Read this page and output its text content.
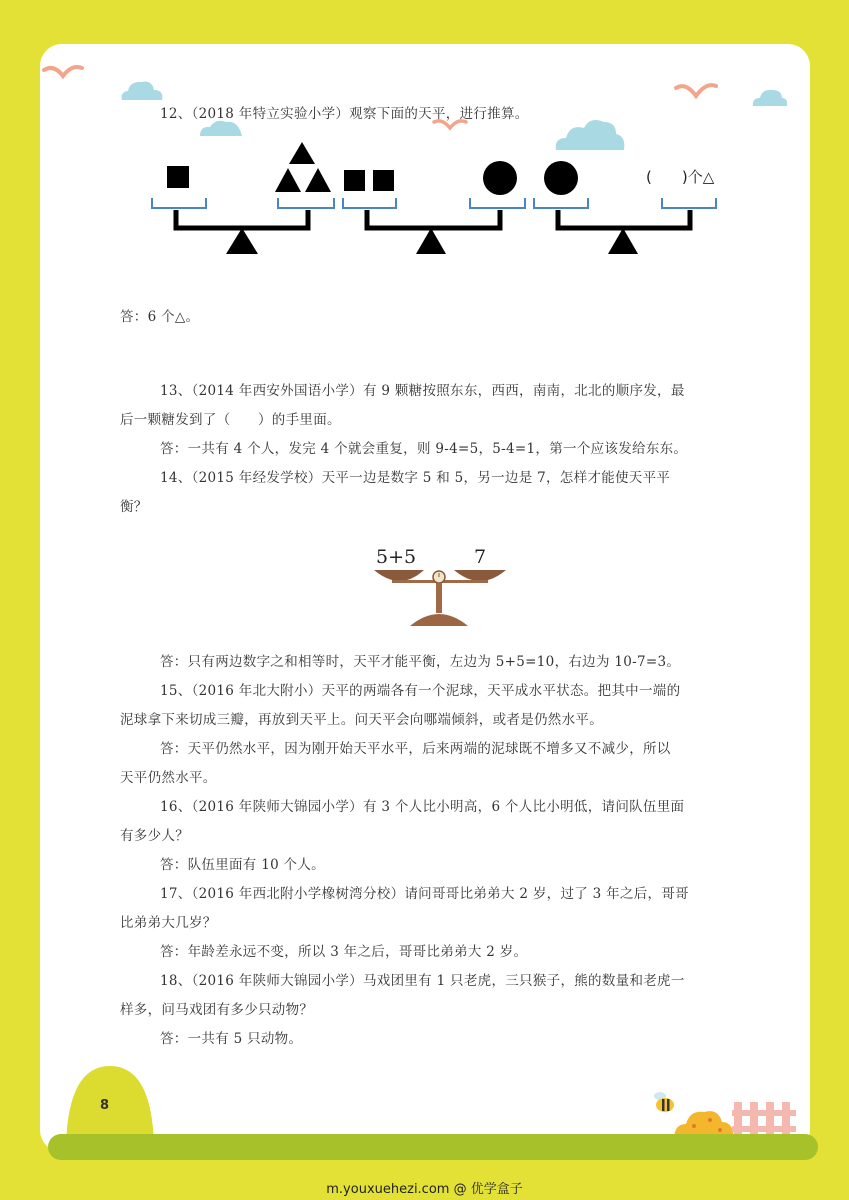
12、（2018 年特立实验小学）观察下面的天平，进行推算。
(　　)个△
答：6 个△。
13、（2014 年西安外国语小学）有 9 颗糖按照东东，西西，南南，北北的顺序发，最
后一颗糖发到了（　　）的手里面。
答：一共有 4 个人，发完 4 个就会重复，则 9-4=5，5-4=1，第一个应该发给东东。
14、（2015 年经发学校）天平一边是数字 5 和 5，另一边是 7，怎样才能使天平平
衡？
5+5	7
答：只有两边数字之和相等时，天平才能平衡，左边为 5+5=10，右边为 10-7=3。
15、（2016 年北大附小）天平的两端各有一个泥球，天平成水平状态。把其中一端的
泥球拿下来切成三瓣，再放到天平上。问天平会向哪端倾斜，或者是仍然水平。
答：天平仍然水平，因为刚开始天平水平，后来两端的泥球既不增多又不减少，所以
天平仍然水平。
16、（2016 年陕师大锦园小学）有 3 个人比小明高，6 个人比小明低，请问队伍里面
有多少人？
答：队伍里面有 10 个人。
17、（2016 年西北附小学橡树湾分校）请问哥哥比弟弟大 2 岁，过了 3 年之后，哥哥
比弟弟大几岁？
答：年龄差永远不变，所以 3 年之后，哥哥比弟弟大 2 岁。
18、（2016 年陕师大锦园小学）马戏团里有 1 只老虎，三只猴子，熊的数量和老虎一
样多，问马戏团有多少只动物？
答：一共有 5 只动物。
8
m.youxuehezi.com @ 优学盒子
